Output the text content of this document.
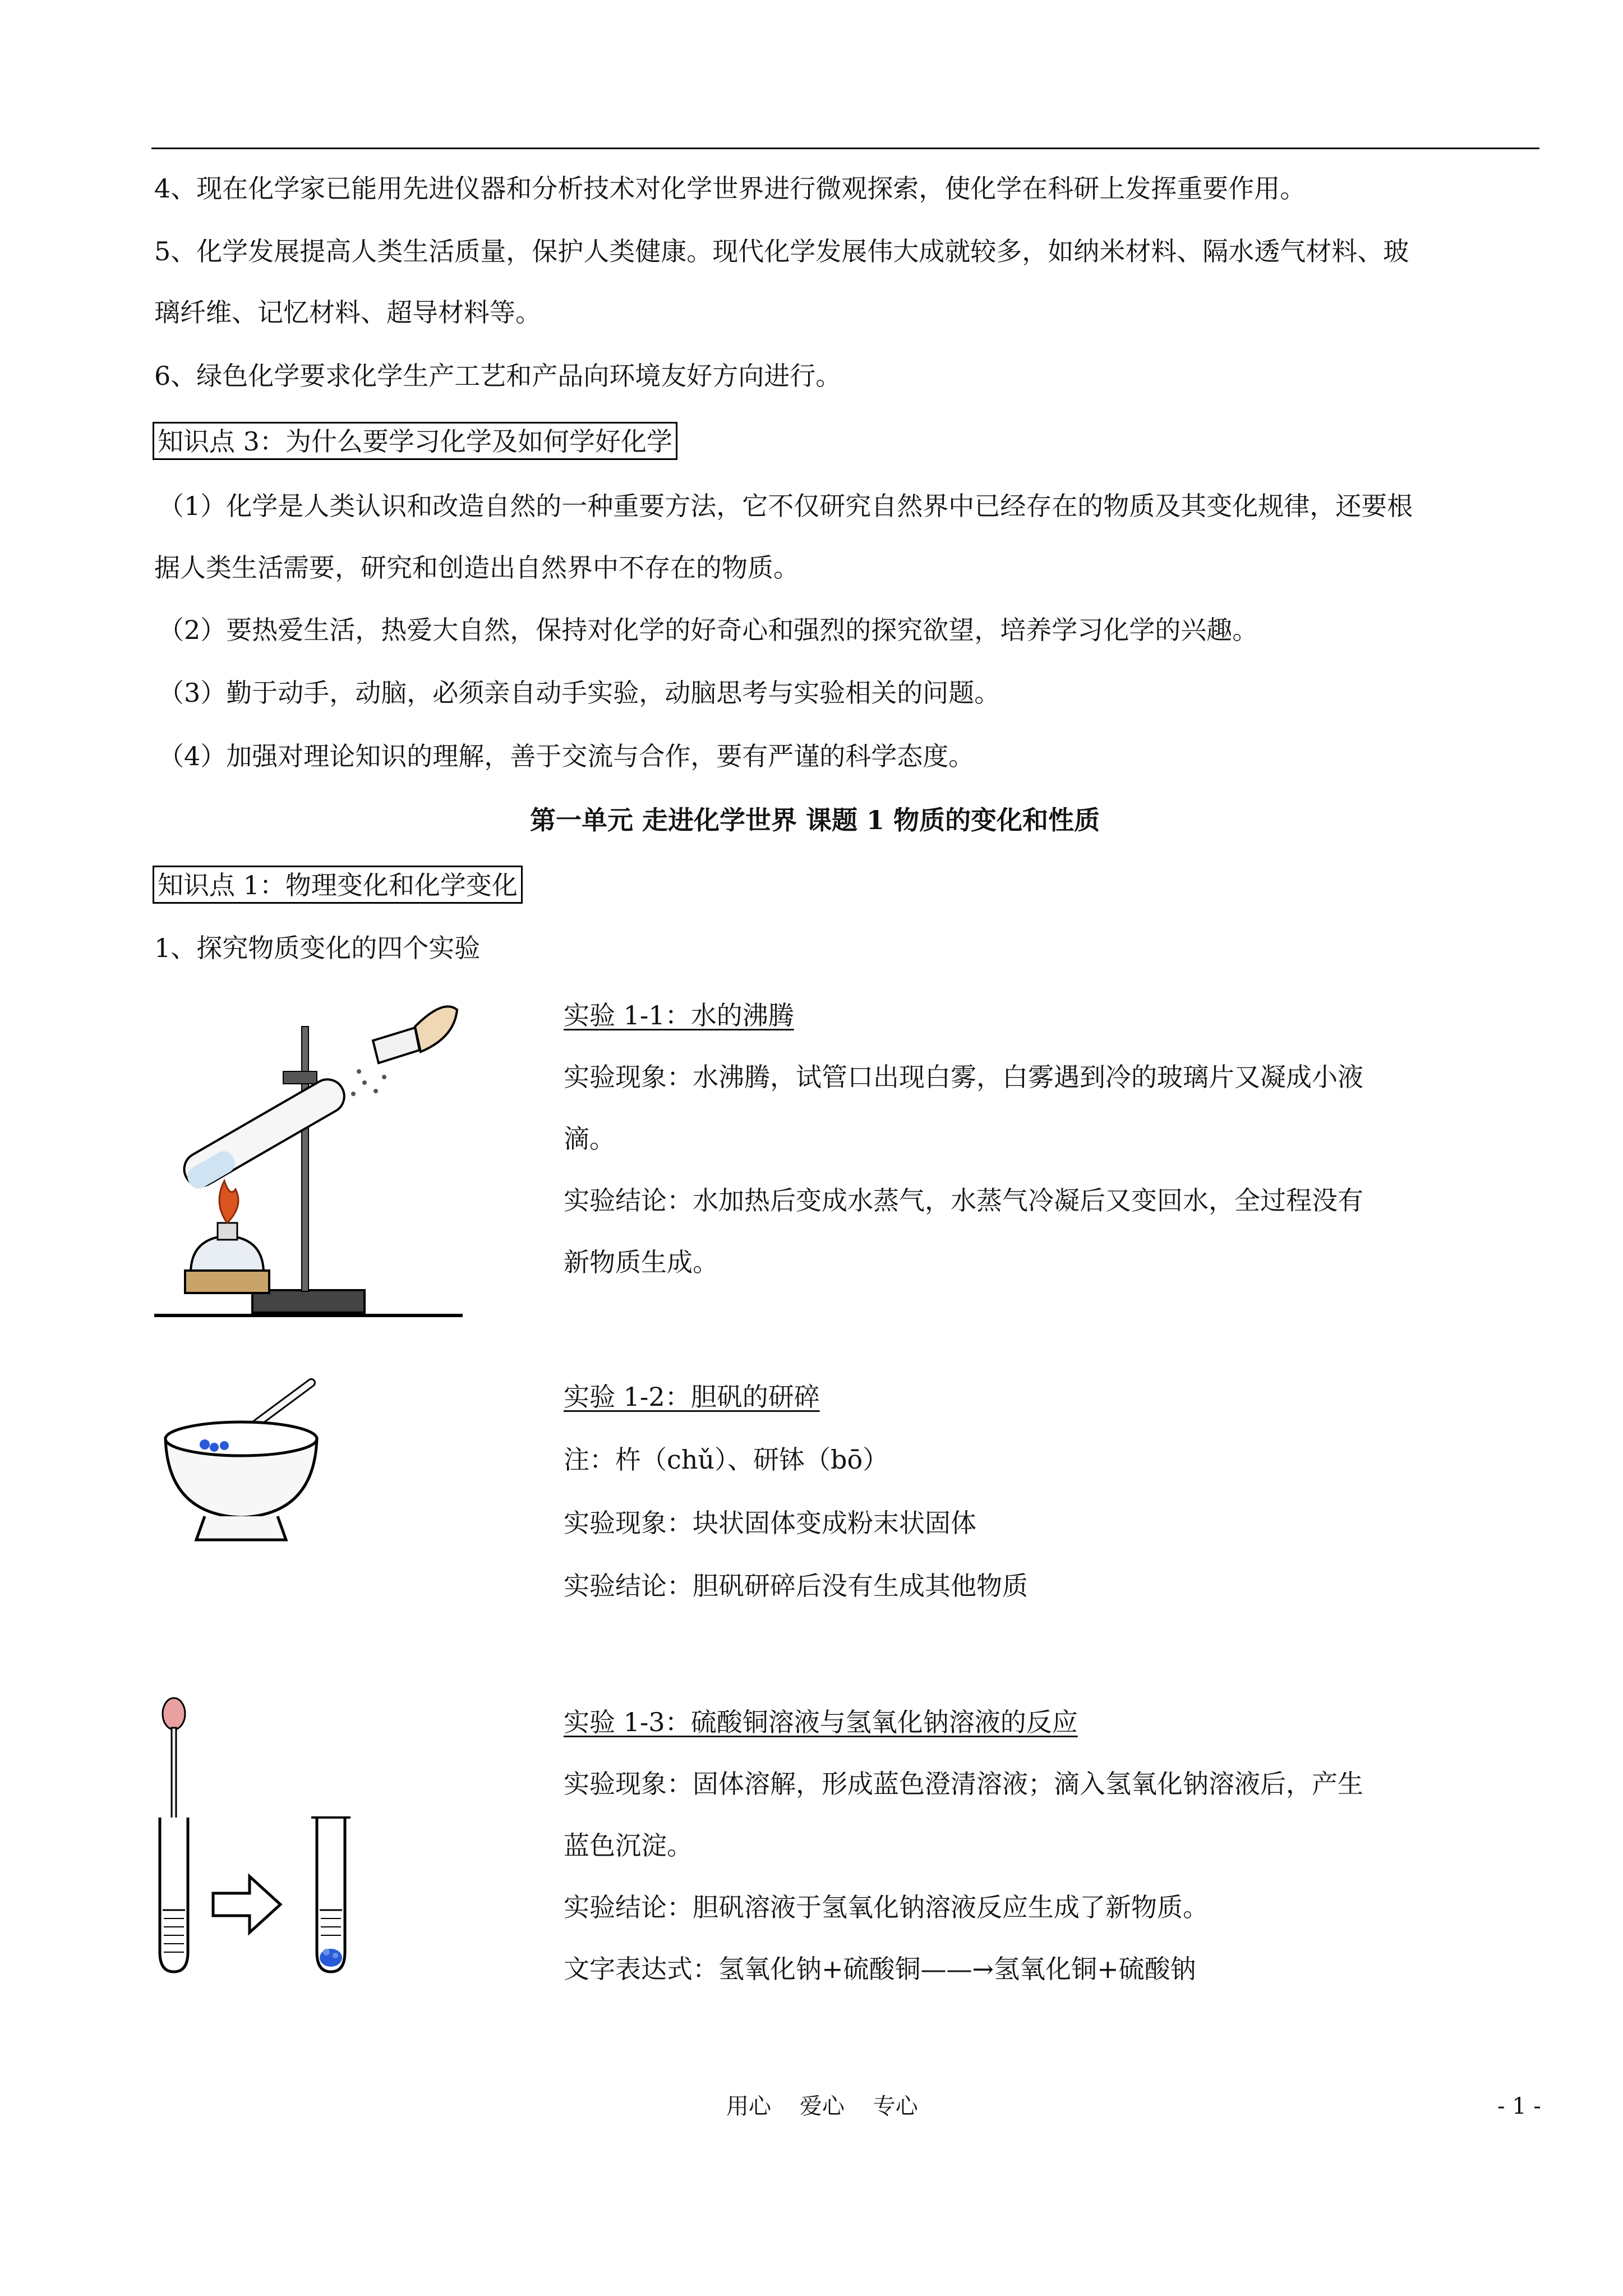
4、现在化学家已能用先进仪器和分析技术对化学世界进行微观探索，使化学在科研上发挥重要作用。
5、化学发展提高人类生活质量，保护人类健康。现代化学发展伟大成就较多，如纳米材料、隔水透气材料、玻
璃纤维、记忆材料、超导材料等。
6、绿色化学要求化学生产工艺和产品向环境友好方向进行。
知识点 3：为什么要学习化学及如何学好化学
（1）化学是人类认识和改造自然的一种重要方法，它不仅研究自然界中已经存在的物质及其变化规律，还要根
据人类生活需要，研究和创造出自然界中不存在的物质。
（2）要热爱生活，热爱大自然，保持对化学的好奇心和强烈的探究欲望，培养学习化学的兴趣。
（3）勤于动手，动脑，必须亲自动手实验，动脑思考与实验相关的问题。
（4）加强对理论知识的理解，善于交流与合作，要有严谨的科学态度。
第一单元 走进化学世界 课题 1 物质的变化和性质
知识点 1：物理变化和化学变化
1、探究物质变化的四个实验
实验 1-1：水的沸腾
实验现象：水沸腾，试管口出现白雾，白雾遇到冷的玻璃片又凝成小液
滴。
实验结论：水加热后变成水蒸气，水蒸气冷凝后又变回水，全过程没有
新物质生成。
实验 1-2：胆矾的研碎
注：杵（chǔ）、研钵（bō）
实验现象：块状固体变成粉末状固体
实验结论：胆矾研碎后没有生成其他物质
实验 1-3：硫酸铜溶液与氢氧化钠溶液的反应
实验现象：固体溶解，形成蓝色澄清溶液；滴入氢氧化钠溶液后，产生
蓝色沉淀。
实验结论：胆矾溶液于氢氧化钠溶液反应生成了新物质。
文字表达式：氢氧化钠+硫酸铜——→氢氧化铜+硫酸钠
用心    爱心    专心	- 1 -
